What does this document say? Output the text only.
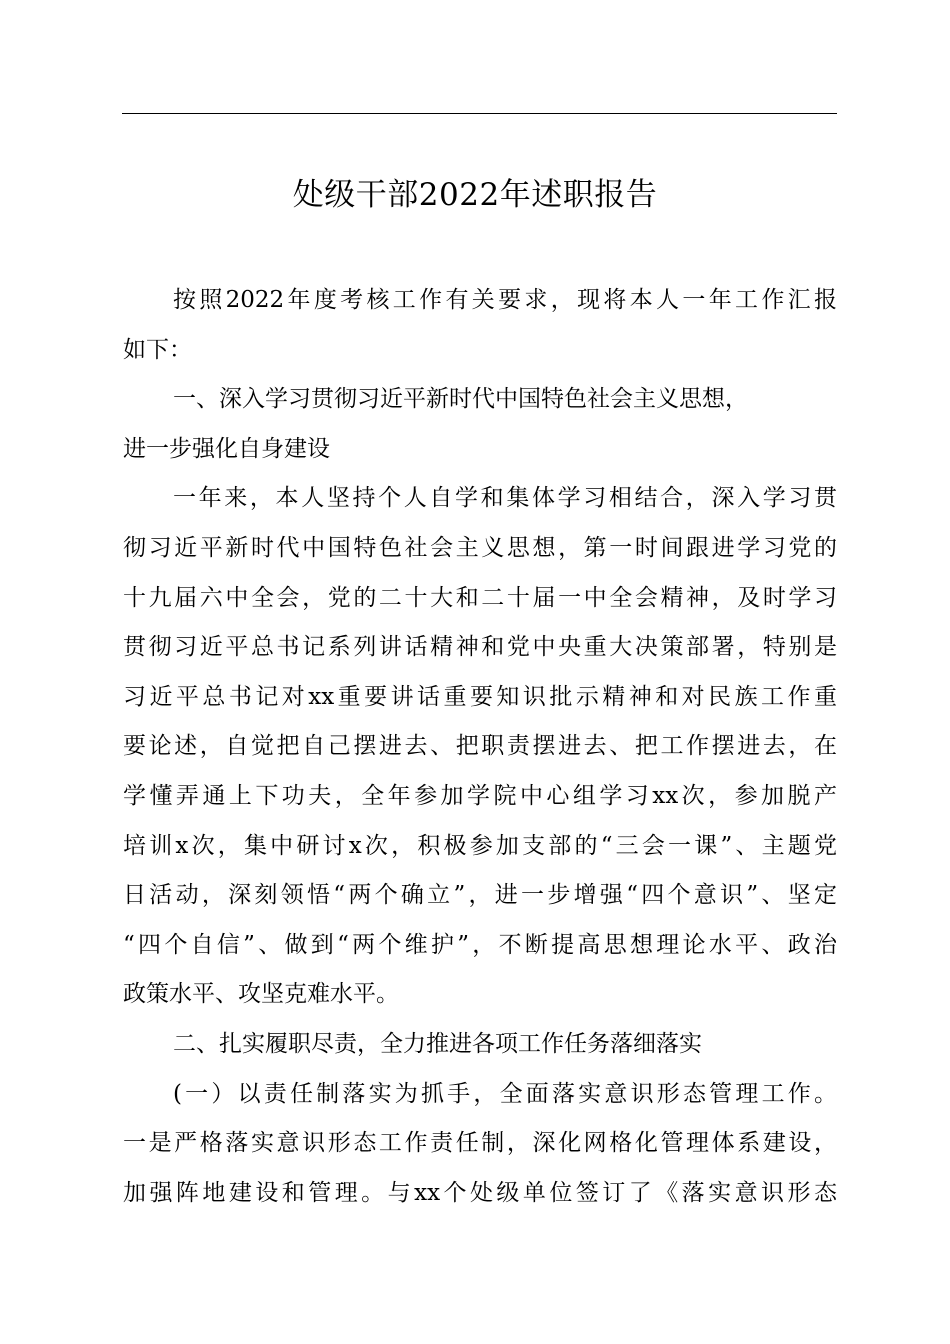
处级干部2022年述职报告
按照2022年度考核工作有关要求，现将本人一年工作汇报
如下：
一、深入学习贯彻习近平新时代中国特色社会主义思想，
进一步强化自身建设
一年来，本人坚持个人自学和集体学习相结合，深入学习贯
彻习近平新时代中国特色社会主义思想，第一时间跟进学习党的
十九届六中全会，党的二十大和二十届一中全会精神，及时学习
贯彻习近平总书记系列讲话精神和党中央重大决策部署，特别是
习近平总书记对xx重要讲话重要知识批示精神和对民族工作重
要论述，自觉把自己摆进去、把职责摆进去、把工作摆进去，在
学懂弄通上下功夫，全年参加学院中心组学习xx次，参加脱产
培训x次，集中研讨x次，积极参加支部的“三会一课”、主题党
日活动，深刻领悟“两个确立”，进一步增强“四个意识”、坚定
“四个自信”、做到“两个维护”，不断提高思想理论水平、政治
政策水平、攻坚克难水平。
二、扎实履职尽责，全力推进各项工作任务落细落实
(一）以责任制落实为抓手，全面落实意识形态管理工作。
一是严格落实意识形态工作责任制，深化网格化管理体系建设，
加强阵地建设和管理。与xx个处级单位签订了《落实意识形态
